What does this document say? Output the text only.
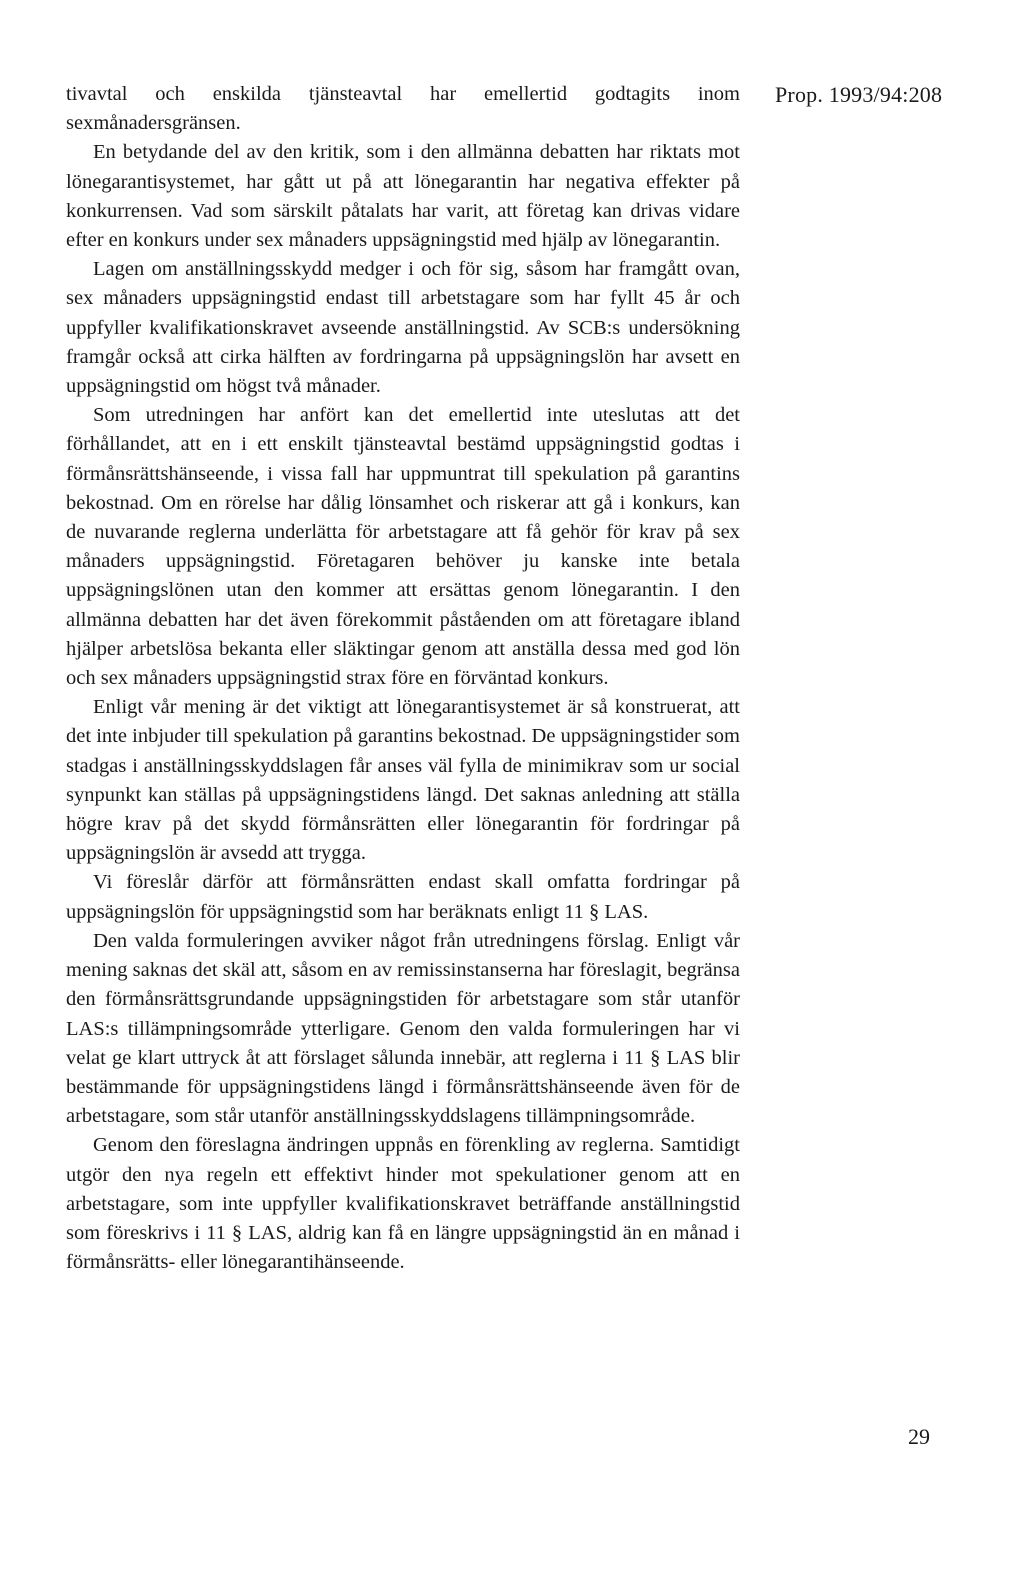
Prop. 1993/94:208

tivavtal och enskilda tjänsteavtal har emellertid godtagits inom sexmånadersgränsen.

En betydande del av den kritik, som i den allmänna debatten har riktats mot lönegarantisystemet, har gått ut på att lönegarantin har negativa effekter på konkurrensen. Vad som särskilt påtalats har varit, att företag kan drivas vidare efter en konkurs under sex månaders uppsägningstid med hjälp av lönegarantin.

Lagen om anställningsskydd medger i och för sig, såsom har framgått ovan, sex månaders uppsägningstid endast till arbetstagare som har fyllt 45 år och uppfyller kvalifikationskravet avseende anställningstid. Av SCB:s undersökning framgår också att cirka hälften av fordringarna på uppsägningslön har avsett en uppsägningstid om högst två månader.

Som utredningen har anfört kan det emellertid inte uteslutas att det förhållandet, att en i ett enskilt tjänsteavtal bestämd uppsägningstid godtas i förmånsrättshänseende, i vissa fall har uppmuntrat till spekulation på garantins bekostnad. Om en rörelse har dålig lönsamhet och riskerar att gå i konkurs, kan de nuvarande reglerna underlätta för arbetstagare att få gehör för krav på sex månaders uppsägningstid. Företagaren behöver ju kanske inte betala uppsägningslönen utan den kommer att ersättas genom lönegarantin. I den allmänna debatten har det även förekommit påståenden om att företagare ibland hjälper arbetslösa bekanta eller släktingar genom att anställa dessa med god lön och sex månaders uppsägningstid strax före en förväntad konkurs.

Enligt vår mening är det viktigt att lönegarantisystemet är så konstruerat, att det inte inbjuder till spekulation på garantins bekostnad. De uppsägningstider som stadgas i anställningsskyddslagen får anses väl fylla de minimikrav som ur social synpunkt kan ställas på uppsägningstidens längd. Det saknas anledning att ställa högre krav på det skydd förmånsrätten eller lönegarantin för fordringar på uppsägningslön är avsedd att trygga.

Vi föreslår därför att förmånsrätten endast skall omfatta fordringar på uppsägningslön för uppsägningstid som har beräknats enligt 11 § LAS.

Den valda formuleringen avviker något från utredningens förslag. Enligt vår mening saknas det skäl att, såsom en av remissinstanserna har föreslagit, begränsa den förmånsrättsgrundande uppsägningstiden för arbetstagare som står utanför LAS:s tillämpningsområde ytterligare. Genom den valda formuleringen har vi velat ge klart uttryck åt att förslaget sålunda innebär, att reglerna i 11 § LAS blir bestämmande för uppsägningstidens längd i förmånsrättshänseende även för de arbetstagare, som står utanför anställningsskyddslagens tillämpningsområde.

Genom den föreslagna ändringen uppnås en förenkling av reglerna. Samtidigt utgör den nya regeln ett effektivt hinder mot spekulationer genom att en arbetstagare, som inte uppfyller kvalifikationskravet beträffande anställningstid som föreskrivs i 11 § LAS, aldrig kan få en längre uppsägningstid än en månad i förmånsrätts- eller lönegarantihänseende.

29
